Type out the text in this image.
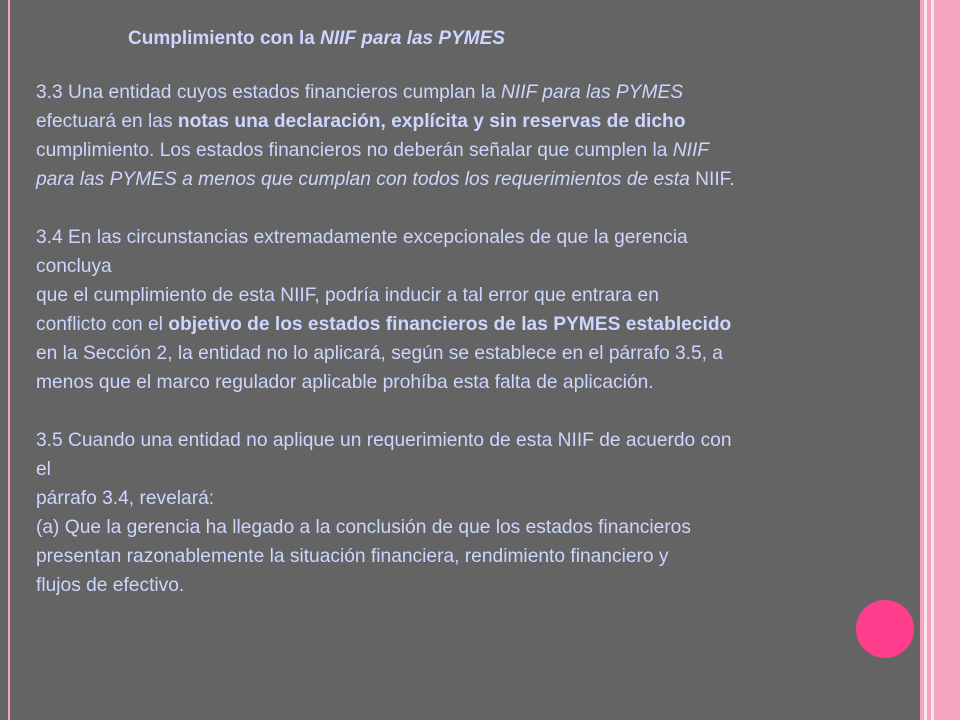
Cumplimiento con la NIIF para las PYMES

3.3 Una entidad cuyos estados financieros cumplan la NIIF para las PYMES

efectuará en las notas una declaración, explícita y sin reservas de dicho

cumplimiento. Los estados financieros no deberán señalar que cumplen la NIIF

para las PYMES a menos que cumplan con todos los requerimientos de esta NIIF.

3.4 En las circunstancias extremadamente excepcionales de que la gerencia

concluya

que el cumplimiento de esta NIIF, podría inducir a tal error que entrara en

conflicto con el objetivo de los estados financieros de las PYMES establecido

en la Sección 2, la entidad no lo aplicará, según se establece en el párrafo 3.5, a

menos que el marco regulador aplicable prohíba esta falta de aplicación.

3.5 Cuando una entidad no aplique un requerimiento de esta NIIF de acuerdo con

el

párrafo 3.4, revelará:

(a) Que la gerencia ha llegado a la conclusión de que los estados financieros

presentan razonablemente la situación financiera, rendimiento financiero y

flujos de efectivo.
